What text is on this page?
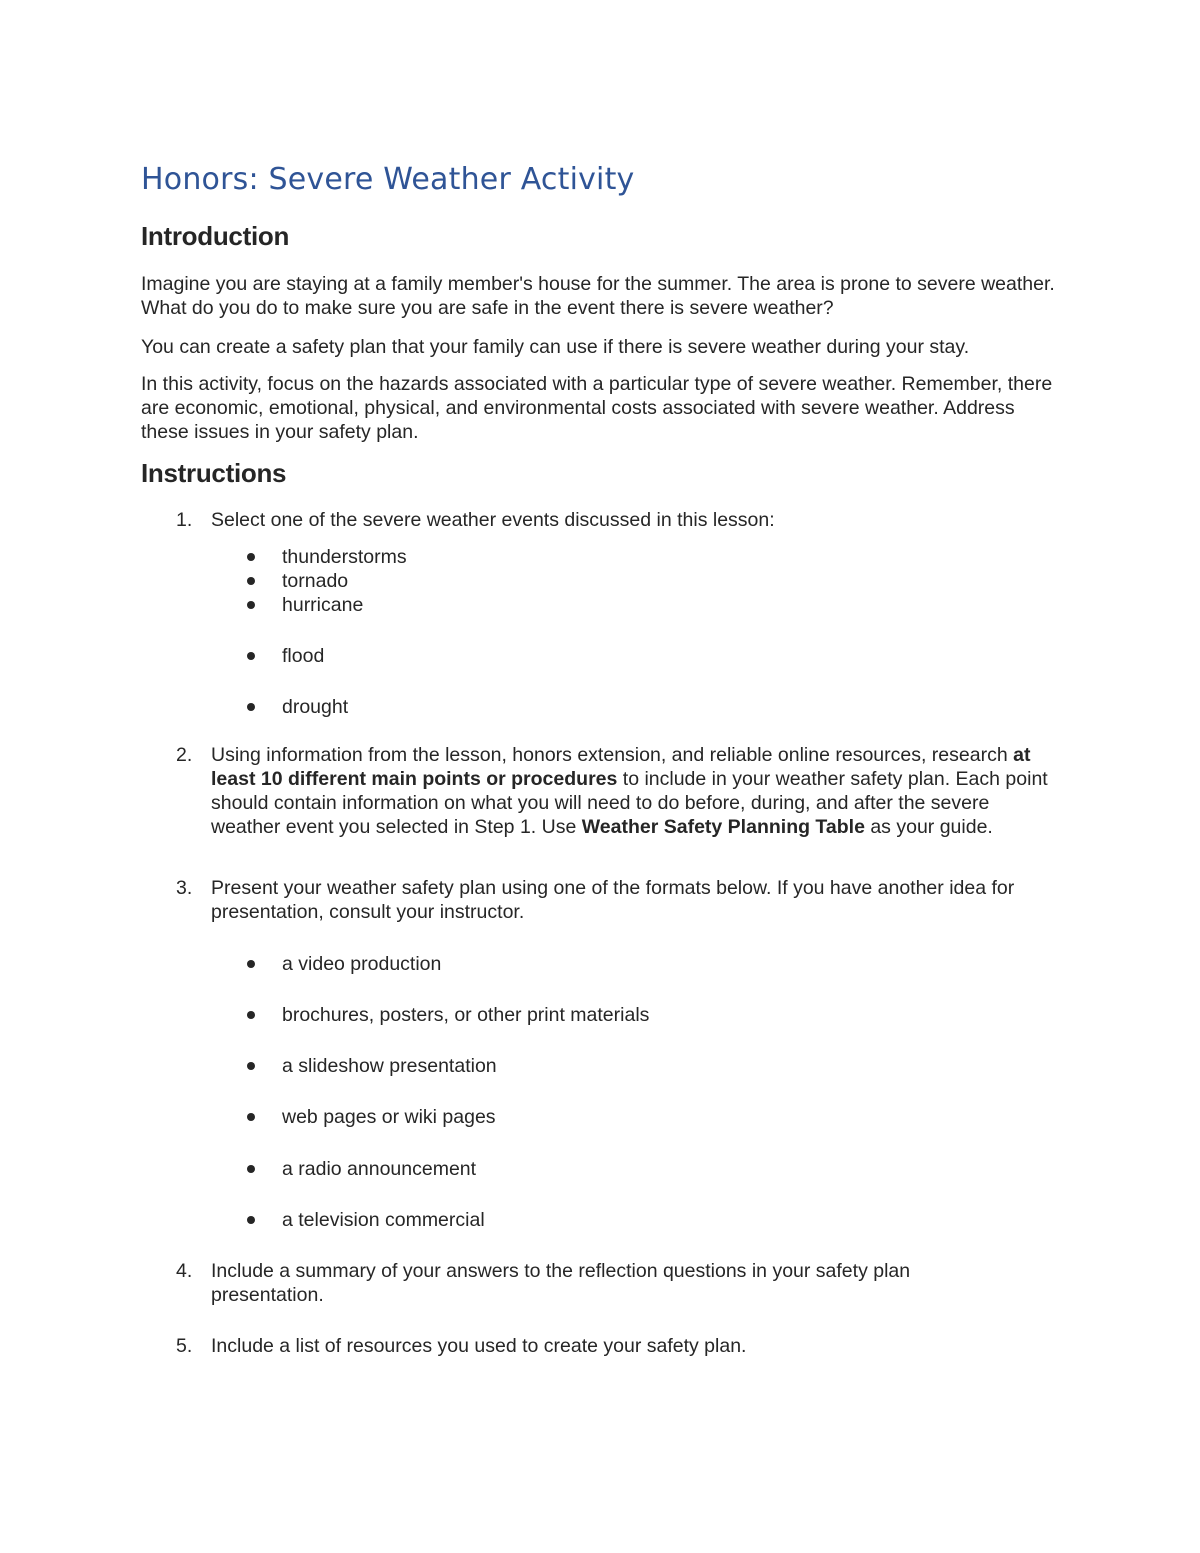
Honors: Severe Weather Activity
Introduction

Imagine you are staying at a family member's house for the summer. The area is prone to severe weather. What do you do to make sure you are safe in the event there is severe weather?

You can create a safety plan that your family can use if there is severe weather during your stay.

In this activity, focus on the hazards associated with a particular type of severe weather. Remember, there are economic, emotional, physical, and environmental costs associated with severe weather. Address these issues in your safety plan.

Instructions
1. Select one of the severe weather events discussed in this lesson:

thunderstorms
tornado
hurricane
flood
drought
2. Using information from the lesson, honors extension, and reliable online resources, research at least 10 different main points or procedures to include in your weather safety plan. Each point should contain information on what you will need to do before, during, and after the severe weather event you selected in Step 1. Use Weather Safety Planning Table as your guide.

3. Present your weather safety plan using one of the formats below. If you have another idea for presentation, consult your instructor.

a video production
brochures, posters, or other print materials
a slideshow presentation
web pages or wiki pages
a radio announcement
a television commercial
4. Include a summary of your answers to the reflection questions in your safety plan presentation.

5. Include a list of resources you used to create your safety plan.
